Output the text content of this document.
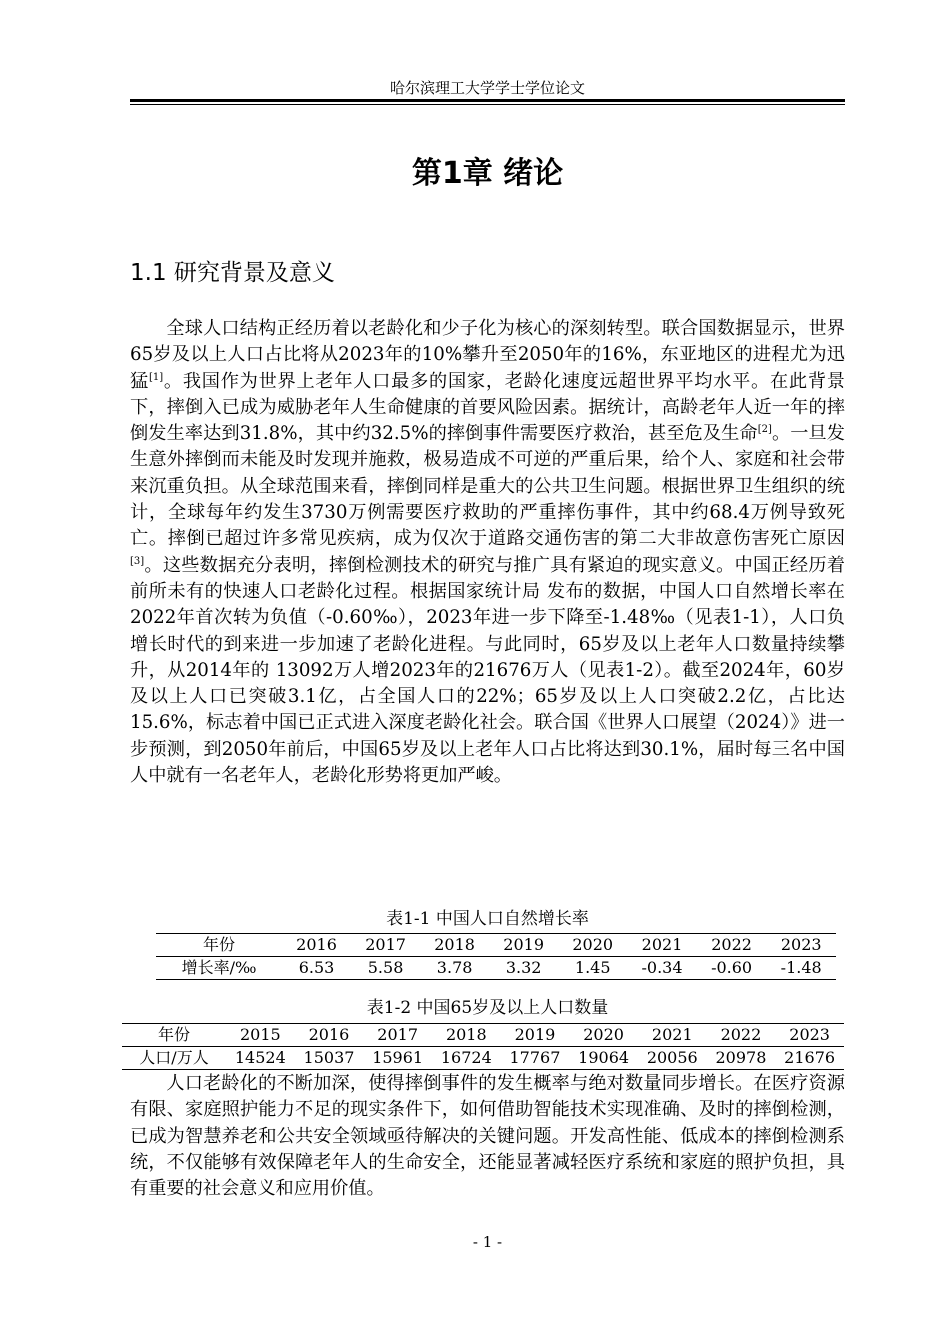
哈尔滨理工大学学士学位论文
第1章 绪论
1.1 研究背景及意义

全球人口结构正经历着以老龄化和少子化为核心的深刻转型。联合国数据显示，世界65岁及以上人口占比将从2023年的10%攀升至2050年的16%，东亚地区的进程尤为迅猛[1]。我国作为世界上老年人口最多的国家，老龄化速度远超世界平均水平。在此背景下，摔倒入已成为威胁老年人生命健康的首要风险因素。据统计，高龄老年人近一年的摔倒发生率达到31.8%，其中约32.5%的摔倒事件需要医疗救治，甚至危及生命[2]。一旦发生意外摔倒而未能及时发现并施救，极易造成不可逆的严重后果，给个人、家庭和社会带来沉重负担。从全球范围来看，摔倒同样是重大的公共卫生问题。根据世界卫生组织的统计，全球每年约发生3730万例需要医疗救助的严重摔伤事件，其中约68.4万例导致死亡。摔倒已超过许多常见疾病，成为仅次于道路交通伤害的第二大非故意伤害死亡原因[3]。这些数据充分表明，摔倒检测技术的研究与推广具有紧迫的现实意义。中国正经历着前所未有的快速人口老龄化过程。根据国家统计局 发布的数据，中国人口自然增长率在2022年首次转为负值（-0.60‰），2023年进一步下降至-1.48‰（见表1-1），人口负增长时代的到来进一步加速了老龄化进程。与此同时，65岁及以上老年人口数量持续攀升，从2014年的 13092万人增2023年的21676万人（见表1-2）。截至2024年，60岁及以上人口已突破3.1亿，占全国人口的22%；65岁及以上人口突破2.2亿，占比达15.6%，标志着中国已正式进入深度老龄化社会。联合国《世界人口展望（2024）》进一步预测，到2050年前后，中国65岁及以上老年人口占比将达到30.1%，届时每三名中国人中就有一名老年人，老龄化形势将更加严峻。

表1-1 中国人口自然增长率
年份	2016	2017	2018	2019	2020	2021	2022	2023
增长率/‰	6.53	5.58	3.78	3.32	1.45	-0.34	-0.60	-1.48
表1-2 中国65岁及以上人口数量
年份	2015	2016	2017	2018	2019	2020	2021	2022	2023
人口/万人	14524	15037	15961	16724	17767	19064	20056	20978	21676

人口老龄化的不断加深，使得摔倒事件的发生概率与绝对数量同步增长。在医疗资源有限、家庭照护能力不足的现实条件下，如何借助智能技术实现准确、及时的摔倒检测，已成为智慧养老和公共安全领域亟待解决的关键问题。开发高性能、低成本的摔倒检测系统，不仅能够有效保障老年人的生命安全，还能显著减轻医疗系统和家庭的照护负担，具有重要的社会意义和应用价值。

- 1 -
